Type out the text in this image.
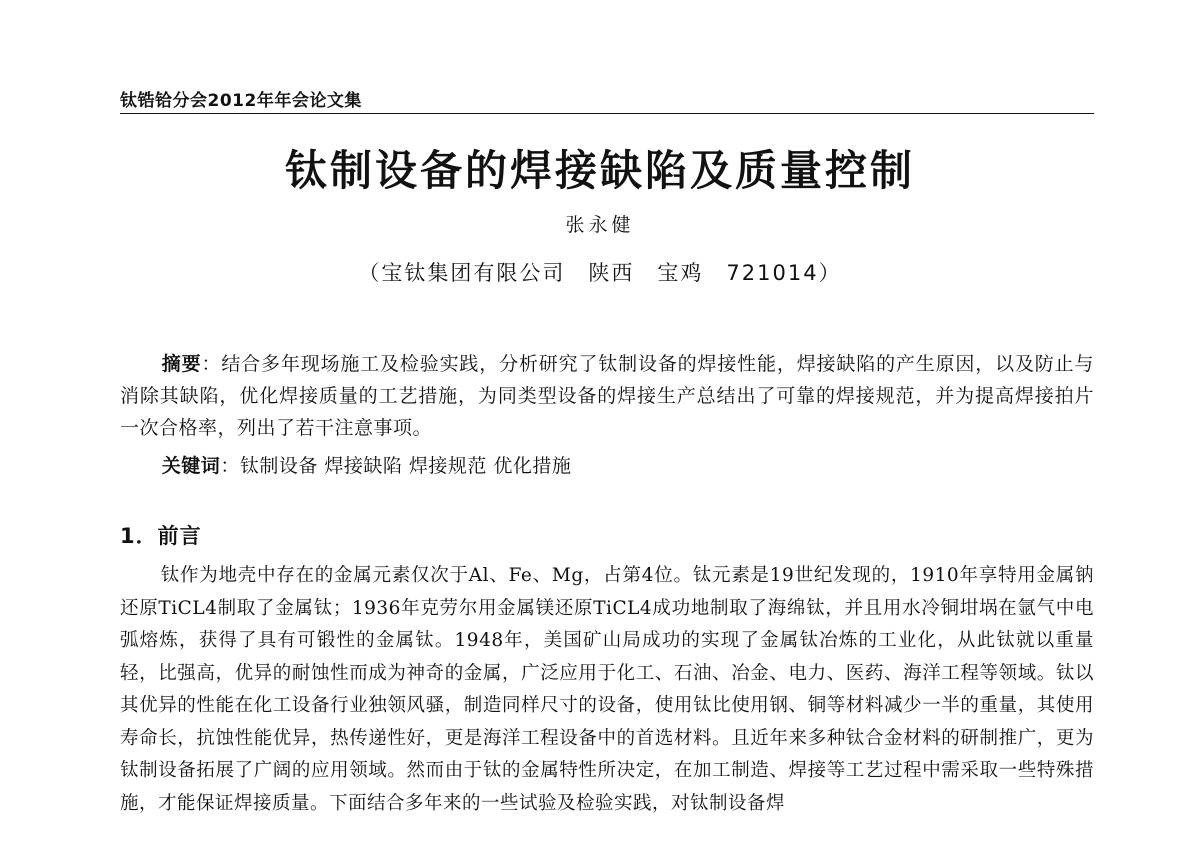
钛锆铪分会2012年年会论文集
钛制设备的焊接缺陷及质量控制
张永健
（宝钛集团有限公司　陕西　宝鸡　721014）
摘要：结合多年现场施工及检验实践，分析研究了钛制设备的焊接性能，焊接缺陷的产生原因，以及防止与消除其缺陷，优化焊接质量的工艺措施，为同类型设备的焊接生产总结出了可靠的焊接规范，并为提高焊接拍片一次合格率，列出了若干注意事项。
关键词：钛制设备 焊接缺陷 焊接规范 优化措施
1．前言

钛作为地壳中存在的金属元素仅次于Al、Fe、Mg，占第4位。钛元素是19世纪发现的，1910年享特用金属钠还原TiCL4制取了金属钛；1936年克劳尔用金属镁还原TiCL4成功地制取了海绵钛，并且用水冷铜坩埚在氩气中电弧熔炼，获得了具有可锻性的金属钛。1948年，美国矿山局成功的实现了金属钛冶炼的工业化，从此钛就以重量轻，比强高，优异的耐蚀性而成为神奇的金属，广泛应用于化工、石油、冶金、电力、医药、海洋工程等领域。钛以其优异的性能在化工设备行业独领风骚，制造同样尺寸的设备，使用钛比使用钢、铜等材料减少一半的重量，其使用寿命长，抗蚀性能优异，热传递性好，更是海洋工程设备中的首选材料。且近年来多种钛合金材料的研制推广，更为钛制设备拓展了广阔的应用领域。然而由于钛的金属特性所决定，在加工制造、焊接等工艺过程中需采取一些特殊措施，才能保证焊接质量。下面结合多年来的一些试验及检验实践，对钛制设备焊
